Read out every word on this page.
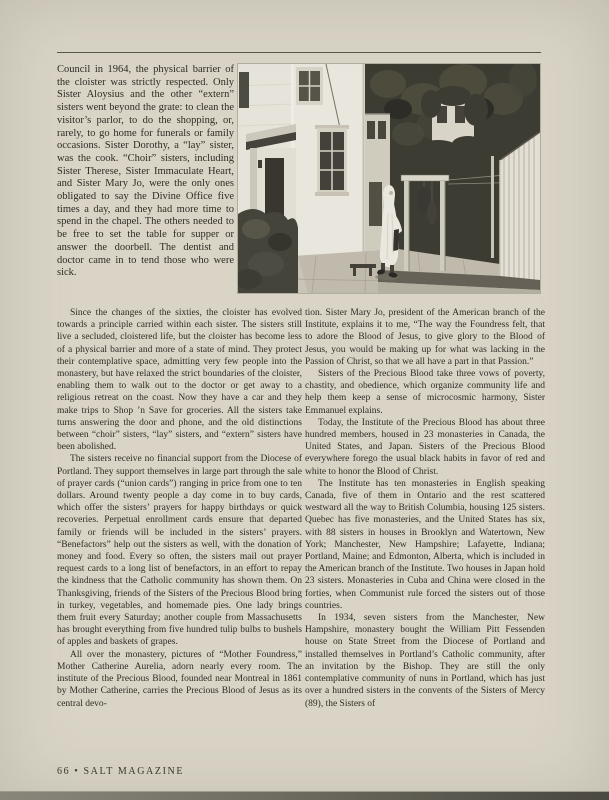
Council in 1964, the physical barrier of the cloister was strictly respected. Only Sister Aloysius and the other “extern” sisters went beyond the grate: to clean the visitor’s parlor, to do the shopping, or, rarely, to go home for funerals or family occasions. Sister Dorothy, a “lay” sister, was the cook. “Choir” sisters, including Sister Therese, Sister Immaculate Heart, and Sister Mary Jo, were the only ones obligated to say the Divine Office five times a day, and they had more time to spend in the chapel. The others needed to be free to set the table for supper or answer the doorbell. The dentist and doctor came in to tend those who were sick.

Since the changes of the sixties, the cloister has evolved towards a principle carried within each sister. The sisters still live a secluded, cloistered life, but the cloister has become less of a physical barrier and more of a state of mind. They protect their contemplative space, admitting very few people into the monastery, but have relaxed the strict boundaries of the cloister, enabling them to walk out to the doctor or get away to a religious retreat on the coast. Now they have a car and they make trips to Shop ’n Save for groceries. All the sisters take turns answering the door and phone, and the old distinctions between “choir” sisters, “lay” sisters, and “extern” sisters have been abolished.

The sisters receive no financial support from the Diocese of Portland. They support themselves in large part through the sale of prayer cards (“union cards”) ranging in price from one to ten dollars. Around twenty people a day come in to buy cards, which offer the sisters’ prayers for happy birthdays or quick recoveries. Perpetual enrollment cards ensure that departed family or friends will be included in the sisters’ prayers. “Benefactors” help out the sisters as well, with the donation of money and food. Every so often, the sisters mail out prayer request cards to a long list of benefactors, in an effort to repay the kindness that the Catholic community has shown them. On Thanksgiving, friends of the Sisters of the Precious Blood bring in turkey, vegetables, and homemade pies. One lady brings them fruit every Saturday; another couple from Massachusetts has brought everything from five hundred tulip bulbs to bushels of apples and baskets of grapes.

All over the monastery, pictures of “Mother Foundress,” Mother Catherine Aurelia, adorn nearly every room. The institute of the Precious Blood, founded near Montreal in 1861 by Mother Catherine, carries the Precious Blood of Jesus as its central devo-

tion. Sister Mary Jo, president of the American branch of the Institute, explains it to me, “The way the Foundress felt, that to adore the Blood of Jesus, to give glory to the Blood of Jesus, you would be making up for what was lacking in the Passion of Christ, so that we all have a part in that Passion.”

Sisters of the Precious Blood take three vows of poverty, chastity, and obedience, which organize community life and help them keep a sense of microcosmic harmony, Sister Emmanuel explains.

Today, the Institute of the Precious Blood has about three hundred members, housed in 23 monasteries in Canada, the United States, and Japan. Sisters of the Precious Blood everywhere forego the usual black habits in favor of red and white to honor the Blood of Christ.

The Institute has ten monasteries in English speaking Canada, five of them in Ontario and the rest scattered westward all the way to British Columbia, housing 125 sisters. Quebec has five monasteries, and the United States has six, with 88 sisters in houses in Brooklyn and Watertown, New York; Manchester, New Hampshire; Lafayette, Indiana; Portland, Maine; and Edmonton, Alberta, which is included in the American branch of the Institute. Two houses in Japan hold 23 sisters. Monasteries in Cuba and China were closed in the forties, when Communist rule forced the sisters out of those countries.

In 1934, seven sisters from the Manchester, New Hampshire, monastery bought the William Pitt Fessenden house on State Street from the Diocese of Portland and installed themselves in Portland’s Catholic community, after an invitation by the Bishop. They are still the only contemplative community of nuns in Portland, which has just over a hundred sisters in the convents of the Sisters of Mercy (89), the Sisters of

66 • SALT MAGAZINE
